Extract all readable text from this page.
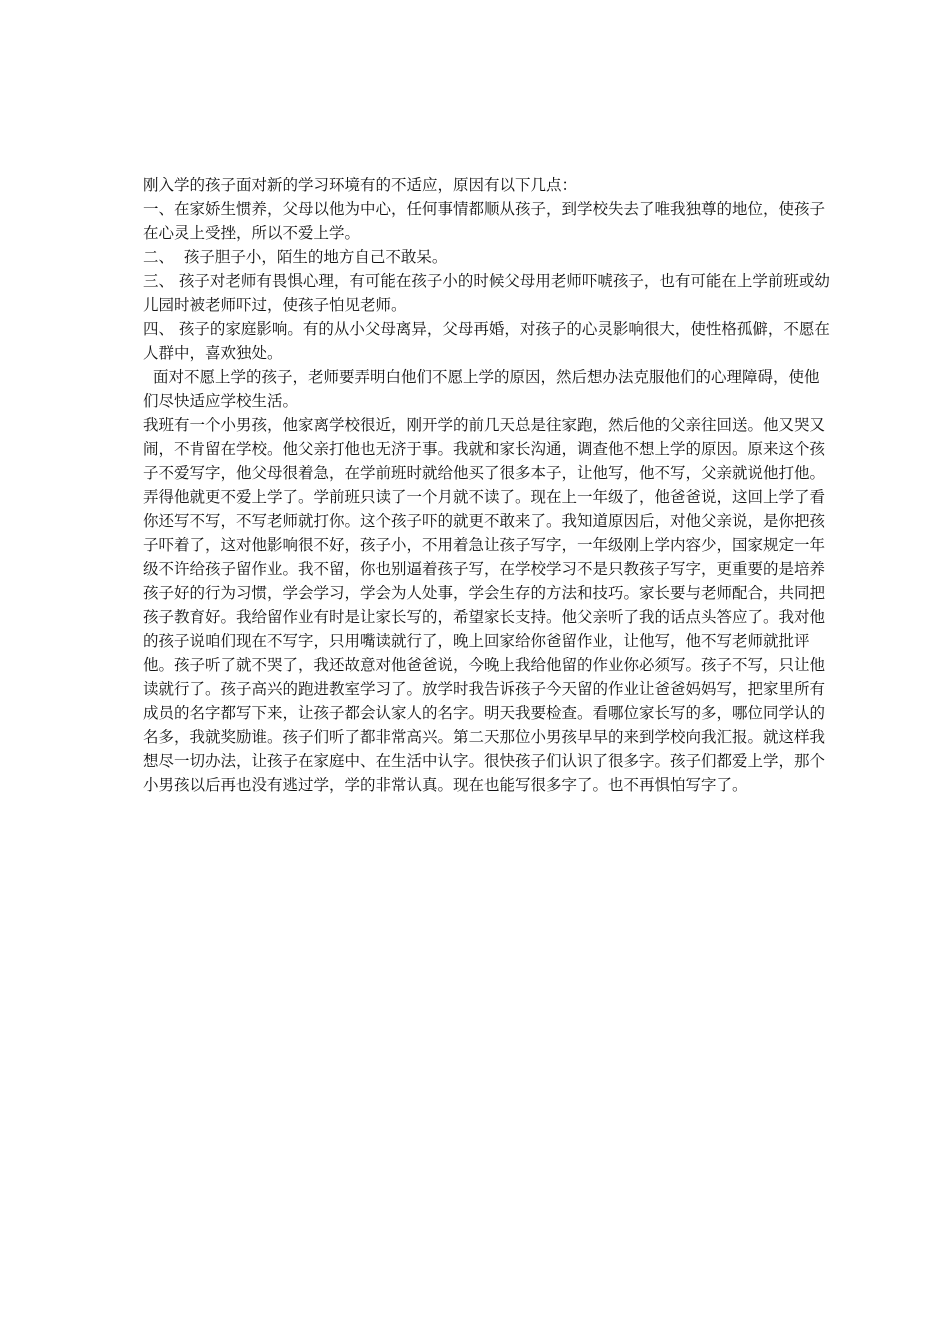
刚入学的孩子面对新的学习环境有的不适应，原因有以下几点：

一、在家娇生惯养，父母以他为中心，任何事情都顺从孩子，到学校失去了唯我独尊的地位，使孩子在心灵上受挫，所以不爱上学。

二、  孩子胆子小，陌生的地方自己不敢呆。

三、 孩子对老师有畏惧心理，有可能在孩子小的时候父母用老师吓唬孩子，也有可能在上学前班或幼儿园时被老师吓过，使孩子怕见老师。

四、 孩子的家庭影响。有的从小父母离异，父母再婚，对孩子的心灵影响很大，使性格孤僻，不愿在人群中，喜欢独处。

面对不愿上学的孩子，老师要弄明白他们不愿上学的原因，然后想办法克服他们的心理障碍，使他们尽快适应学校生活。

我班有一个小男孩，他家离学校很近，刚开学的前几天总是往家跑，然后他的父亲往回送。他又哭又闹，不肯留在学校。他父亲打他也无济于事。我就和家长沟通，调查他不想上学的原因。原来这个孩子不爱写字，他父母很着急，在学前班时就给他买了很多本子，让他写，他不写，父亲就说他打他。弄得他就更不爱上学了。学前班只读了一个月就不读了。现在上一年级了，他爸爸说，这回上学了看你还写不写，不写老师就打你。这个孩子吓的就更不敢来了。我知道原因后，对他父亲说，是你把孩子吓着了，这对他影响很不好，孩子小，不用着急让孩子写字，一年级刚上学内容少，国家规定一年级不许给孩子留作业。我不留，你也别逼着孩子写，在学校学习不是只教孩子写字，更重要的是培养孩子好的行为习惯，学会学习，学会为人处事，学会生存的方法和技巧。家长要与老师配合，共同把孩子教育好。我给留作业有时是让家长写的，希望家长支持。他父亲听了我的话点头答应了。我对他的孩子说咱们现在不写字，只用嘴读就行了，晚上回家给你爸留作业，让他写，他不写老师就批评他。孩子听了就不哭了，我还故意对他爸爸说，今晚上我给他留的作业你必须写。孩子不写，只让他读就行了。孩子高兴的跑进教室学习了。放学时我告诉孩子今天留的作业让爸爸妈妈写，把家里所有成员的名字都写下来，让孩子都会认家人的名字。明天我要检查。看哪位家长写的多，哪位同学认的名多，我就奖励谁。孩子们听了都非常高兴。第二天那位小男孩早早的来到学校向我汇报。就这样我想尽一切办法，让孩子在家庭中、在生活中认字。很快孩子们认识了很多字。孩子们都爱上学，那个小男孩以后再也没有逃过学，学的非常认真。现在也能写很多字了。也不再惧怕写字了。
